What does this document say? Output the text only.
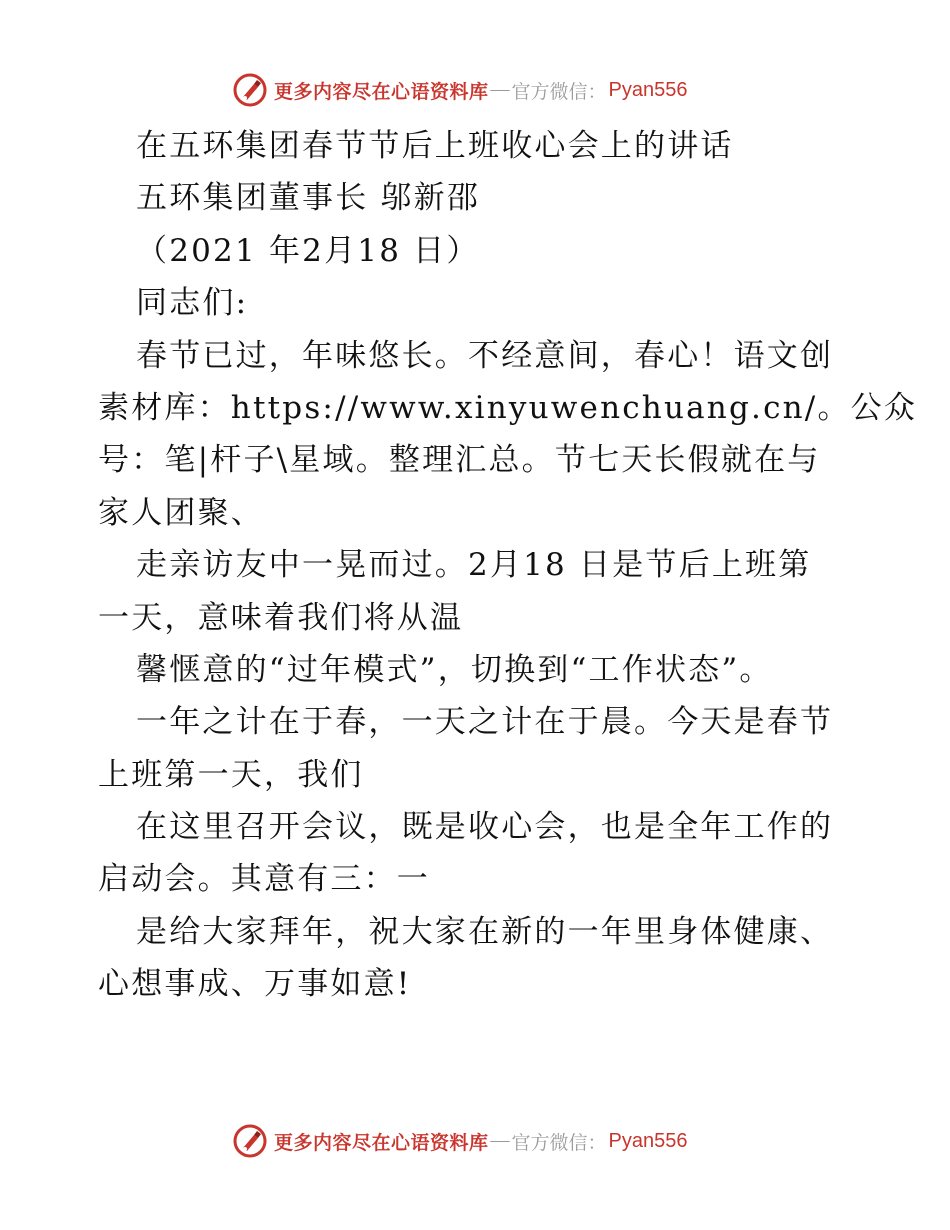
更多内容尽在心语资料库 — 官方微信： Pyan556
在五环集团春节节后上班收心会上的讲话
五环集团董事长 邬新邵
（2021 年2月18 日）
同志们:
春节已过，年味悠长。不经意间，春心！语文创
素材库：https://www.xinyuwenchuang.cn/。公众
号：笔|杆子\星域。整理汇总。节七天长假就在与
家人团聚、
走亲访友中一晃而过。2月18 日是节后上班第
一天，意味着我们将从温
馨惬意的“过年模式”，切换到“工作状态”。
一年之计在于春，一天之计在于晨。今天是春节
上班第一天，我们
在这里召开会议，既是收心会，也是全年工作的
启动会。其意有三：一
是给大家拜年，祝大家在新的一年里身体健康、
心想事成、万事如意!
更多内容尽在心语资料库 — 官方微信： Pyan556
